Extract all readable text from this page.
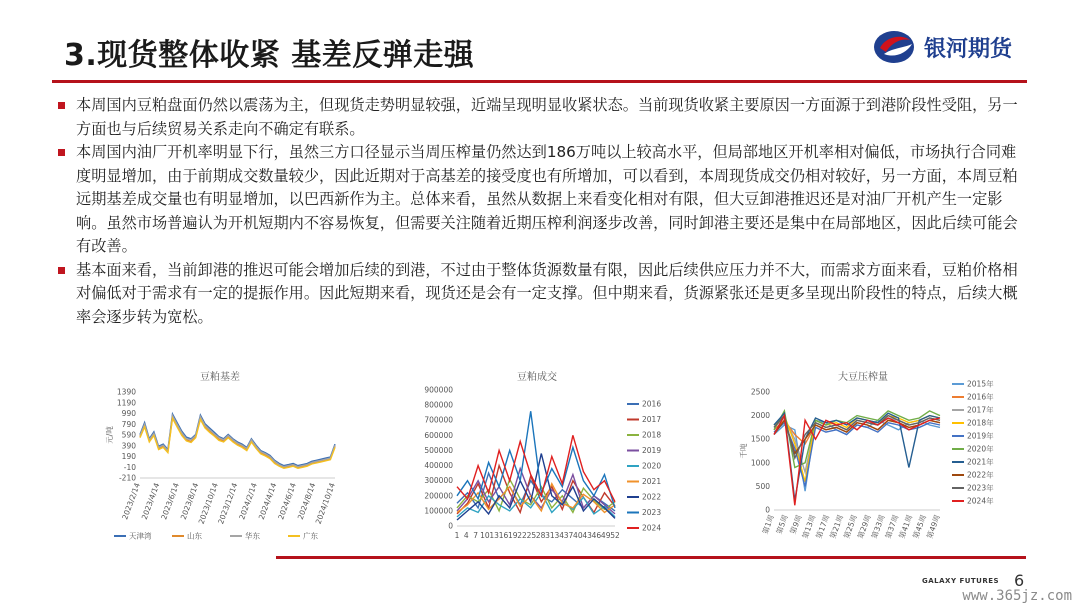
3.现货整体收紧 基差反弹走强	银河期货
本周国内豆粕盘面仍然以震荡为主，但现货走势明显较强，近端呈现明显收紧状态。当前现货收紧主要原因一方面源于到港阶段性受阻，另一方面也与后续贸易关系走向不确定有联系。
本周国内油厂开机率明显下行，虽然三方口径显示当周压榨量仍然达到186万吨以上较高水平，但局部地区开机率相对偏低，市场执行合同难度明显增加，由于前期成交数量较少，因此近期对于高基差的接受度也有所增加，可以看到，本周现货成交仍相对较好，另一方面，本周豆粕远期基差成交量也有明显增加，以巴西新作为主。总体来看，虽然从数据上来看变化相对有限，但大豆卸港推迟还是对油厂开机产生一定影响。虽然市场普遍认为开机短期内不容易恢复，但需要关注随着近期压榨利润逐步改善，同时卸港主要还是集中在局部地区，因此后续可能会有改善。
基本面来看，当前卸港的推迟可能会增加后续的到港，不过由于整体货源数量有限，因此后续供应压力并不大，而需求方面来看，豆粕价格相对偏低对于需求有一定的提振作用。因此短期来看，现货还是会有一定支撑。但中期来看，货源紧张还是更多呈现出阶段性的特点，后续大概率会逐步转为宽松。
豆粕基差
1390
1190
990
790
590
390
190
-10
-210
2023/2/14
2023/4/14
2023/6/14
2023/8/14
2023/10/14
2023/12/14
2024/2/14
2024/4/14
2024/6/14
2024/8/14
2024/10/14
元/吨
天津湾	山东	华东	广东
豆粕成交
900000
800000
700000
600000
500000
400000
300000
200000
100000
0
1 4 7 10 13 16 19 22 25 28 31 34 37 40 43 46 49 52
2016
2017
2018
2019
2020
2021
2022
2023
2024
大豆压榨量
2500
2000
1500
1000
500
0
第1周
第5周
第9周
第13周
第17周
第21周
第25周
第29周
第33周
第37周
第41周
第45周
第49周
千吨
2015年
2016年
2017年
2018年
2019年
2020年
2021年
2022年
2023年
2024年
GALAXY FUTURES 6
www.365jz.com
